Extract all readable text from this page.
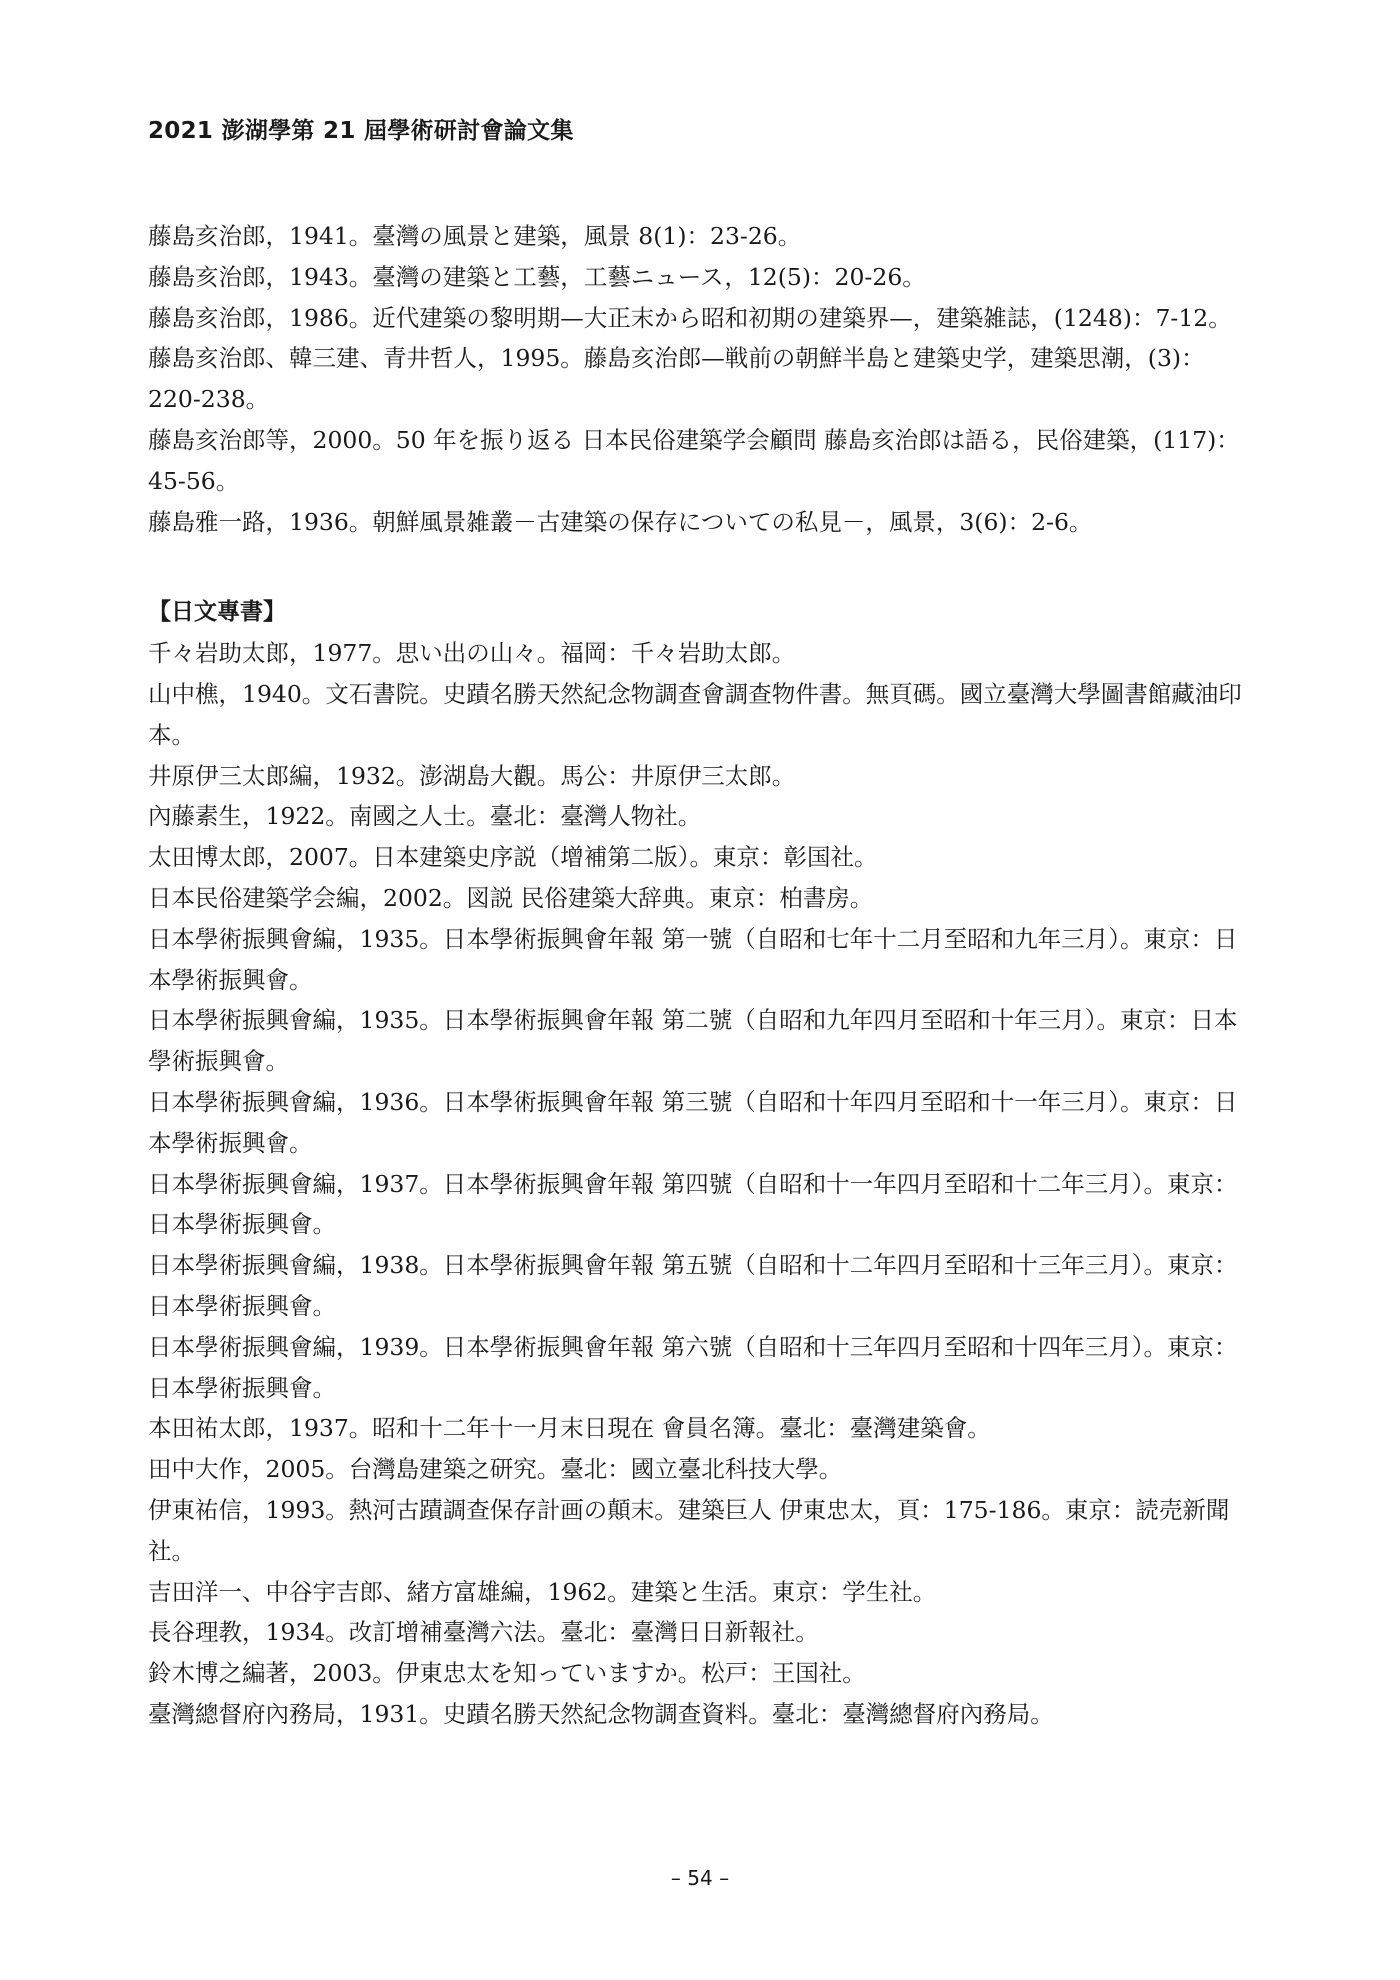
2021 澎湖學第 21 屆學術研討會論文集

藤島亥治郎，1941。臺灣の風景と建築，風景 8(1)：23-26。

藤島亥治郎，1943。臺灣の建築と工藝，工藝ニュース，12(5)：20-26。

藤島亥治郎，1986。近代建築の黎明期—大正末から昭和初期の建築界—，建築雑誌，(1248)：7-12。

藤島亥治郎、韓三建、青井哲人，1995。藤島亥治郎—戦前の朝鮮半島と建築史学，建築思潮，(3)：220-238。

藤島亥治郎等，2000。50 年を振り返る 日本民俗建築学会顧問 藤島亥治郎は語る，民俗建築，(117)：45-56。

藤島雅一路，1936。朝鮮風景雑叢－古建築の保存についての私見－，風景，3(6)：2-6。

【日文專書】

千々岩助太郎，1977。思い出の山々。福岡：千々岩助太郎。

山中樵，1940。文石書院。史蹟名勝天然紀念物調查會調查物件書。無頁碼。國立臺灣大學圖書館藏油印本。

井原伊三太郎編，1932。澎湖島大觀。馬公：井原伊三太郎。

內藤素生，1922。南國之人士。臺北：臺灣人物社。

太田博太郎，2007。日本建築史序説（增補第二版）。東京：彰国社。

日本民俗建築学会編，2002。図説 民俗建築大辞典。東京：柏書房。

日本學術振興會編，1935。日本學術振興會年報 第一號（自昭和七年十二月至昭和九年三月）。東京：日本學術振興會。

日本學術振興會編，1935。日本學術振興會年報 第二號（自昭和九年四月至昭和十年三月）。東京：日本學術振興會。

日本學術振興會編，1936。日本學術振興會年報 第三號（自昭和十年四月至昭和十一年三月）。東京：日本學術振興會。

日本學術振興會編，1937。日本學術振興會年報 第四號（自昭和十一年四月至昭和十二年三月）。東京：日本學術振興會。

日本學術振興會編，1938。日本學術振興會年報 第五號（自昭和十二年四月至昭和十三年三月）。東京：日本學術振興會。

日本學術振興會編，1939。日本學術振興會年報 第六號（自昭和十三年四月至昭和十四年三月）。東京：日本學術振興會。

本田祐太郎，1937。昭和十二年十一月末日現在 會員名簿。臺北：臺灣建築會。

田中大作，2005。台灣島建築之研究。臺北：國立臺北科技大學。

伊東祐信，1993。熱河古蹟調查保存計画の顛末。建築巨人 伊東忠太，頁：175-186。東京：読売新聞社。

吉田洋一、中谷宇吉郎、緒方富雄編，1962。建築と生活。東京：学生社。

長谷理教，1934。改訂增補臺灣六法。臺北：臺灣日日新報社。

鈴木博之編著，2003。伊東忠太を知っていますか。松戸：王国社。

臺灣總督府內務局，1931。史蹟名勝天然紀念物調查資料。臺北：臺灣總督府內務局。

– 54 –
